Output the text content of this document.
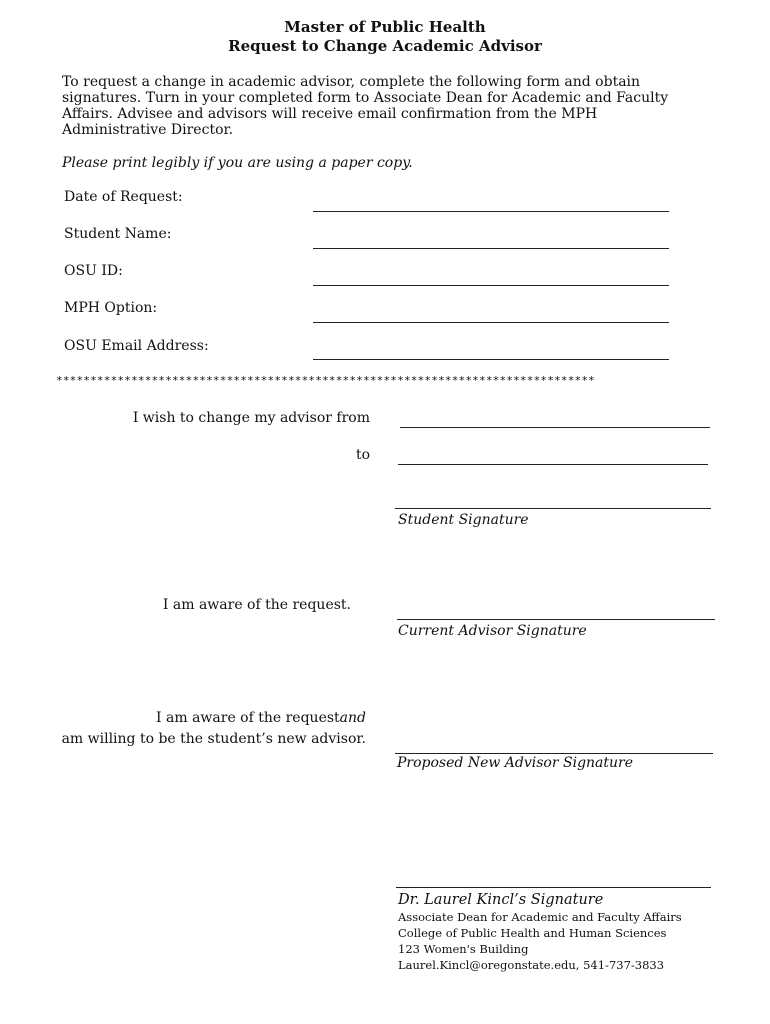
Master of Public Health
Request to Change Academic Advisor
To request a change in academic advisor, complete the following form and obtain signatures. Turn in your completed form to Associate Dean for Academic and Faculty Affairs. Advisee and advisors will receive email confirmation from the MPH Administrative Director.
Please print legibly if you are using a paper copy.
Date of Request:
Student Name:
OSU ID:
MPH Option:
OSU Email Address:
*******************************************************************************
I wish to change my advisor from
to
Student Signature
I am aware of the request.
Current Advisor Signature
I am aware of the requestand
am willing to be the student’s new advisor.
Proposed New Advisor Signature
Dr. Laurel Kincl’s Signature
Associate Dean for Academic and Faculty Affairs
College of Public Health and Human Sciences
123 Women's Building
Laurel.Kincl@oregonstate.edu, 541-737-3833
